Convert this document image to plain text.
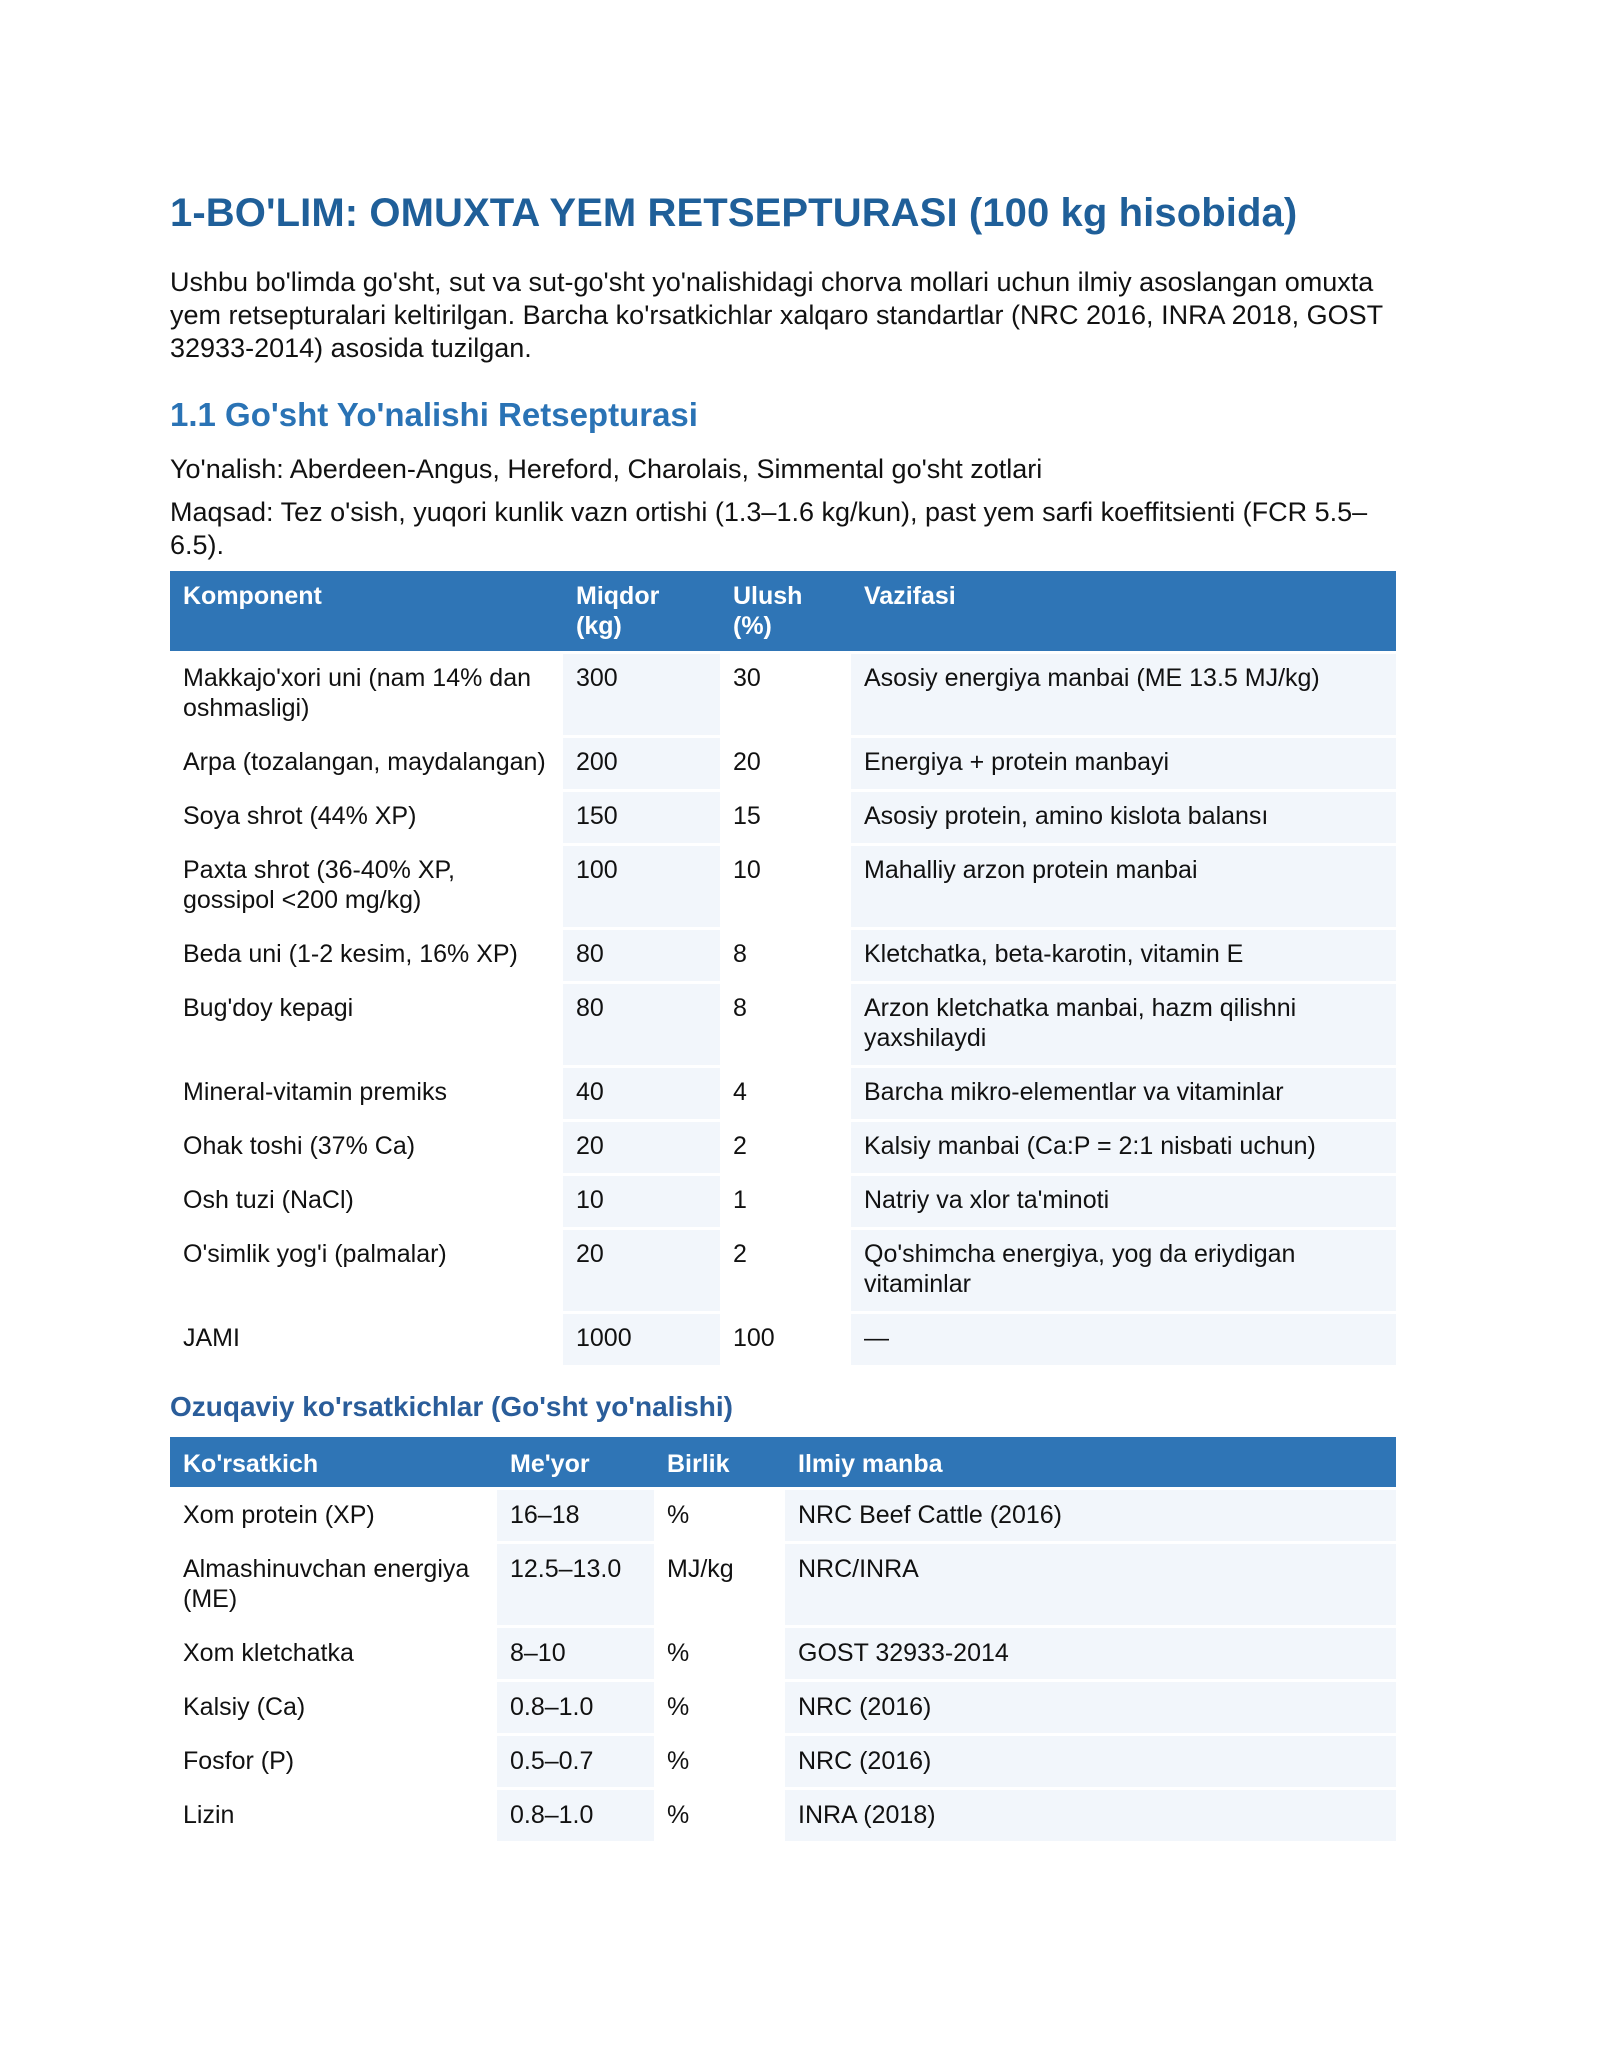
1-BO'LIM: OMUXTA YEM RETSEPTURASI (100 kg hisobida)

Ushbu bo'limda go'sht, sut va sut-go'sht yo'nalishidagi chorva mollari uchun ilmiy asoslangan omuxta yem retsepturalari keltirilgan. Barcha ko'rsatkichlar xalqaro standartlar (NRC 2016, INRA 2018, GOST 32933-2014) asosida tuzilgan.

1.1 Go'sht Yo'nalishi Retsepturasi

Yo'nalish: Aberdeen-Angus, Hereford, Charolais, Simmental go'sht zotlari

Maqsad: Tez o'sish, yuqori kunlik vazn ortishi (1.3–1.6 kg/kun), past yem sarfi koeffitsienti (FCR 5.5–6.5).

Komponent	Miqdor (kg)	Ulush (%)	Vazifasi
Makkajo'xori uni (nam 14% dan oshmasligi)	300	30	Asosiy energiya manbai (ME 13.5 MJ/kg)
Arpa (tozalangan, maydalangan)	200	20	Energiya + protein manbayi
Soya shrot (44% XP)	150	15	Asosiy protein, amino kislota balansı
Paxta shrot (36-40% XP, gossipol <200 mg/kg)	100	10	Mahalliy arzon protein manbai
Beda uni (1-2 kesim, 16% XP)	80	8	Kletchatka, beta-karotin, vitamin E
Bug'doy kepagi	80	8	Arzon kletchatka manbai, hazm qilishni yaxshilaydi
Mineral-vitamin premiks	40	4	Barcha mikro-elementlar va vitaminlar
Ohak toshi (37% Ca)	20	2	Kalsiy manbai (Ca:P = 2:1 nisbati uchun)
Osh tuzi (NaCl)	10	1	Natriy va xlor ta'minoti
O'simlik yog'i (palmalar)	20	2	Qo'shimcha energiya, yog da eriydigan vitaminlar
JAMI	1000	100	—
Ozuqaviy ko'rsatkichlar (Go'sht yo'nalishi)
Ko'rsatkich	Me'yor	Birlik	Ilmiy manba
Xom protein (XP)	16–18	%	NRC Beef Cattle (2016)
Almashinuvchan energiya (ME)	12.5–13.0	MJ/kg	NRC/INRA
Xom kletchatka	8–10	%	GOST 32933-2014
Kalsiy (Ca)	0.8–1.0	%	NRC (2016)
Fosfor (P)	0.5–0.7	%	NRC (2016)
Lizin	0.8–1.0	%	INRA (2018)
